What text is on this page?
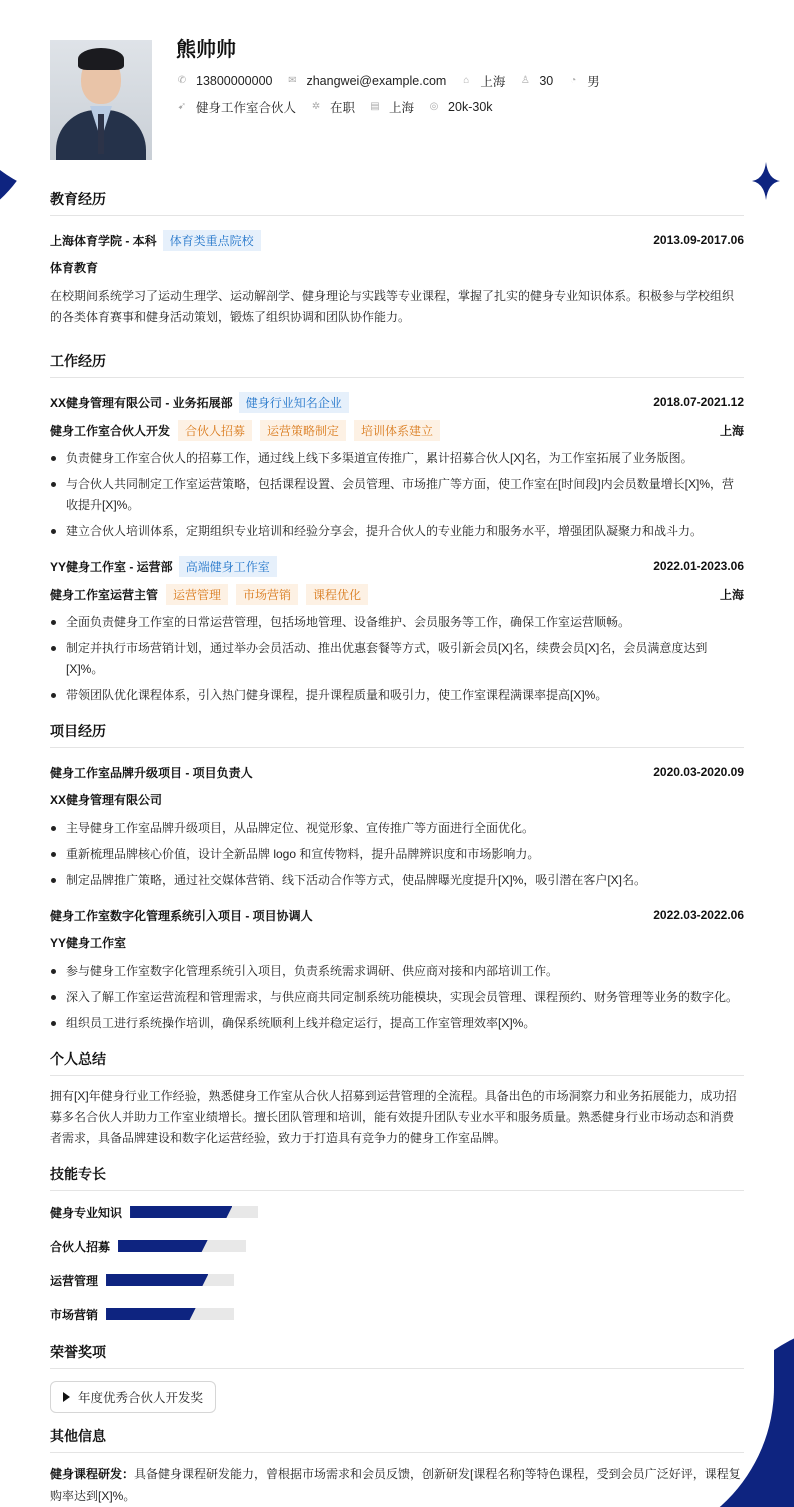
熊帅帅
✆ 13800000000 ✉ zhangwei@example.com ⌂ 上海 ♙ 30 ◔ 男
➹ 健身工作室合伙人 ✲ 在职 ▤ 上海 ◎ 20k-30k
教育经历
上海体育学院 - 本科	体育类重点院校	2013.09-2017.06
体育教育
在校期间系统学习了运动生理学、运动解剖学、健身理论与实践等专业课程，掌握了扎实的健身专业知识体系。积极参与学校组织的各类体育赛事和健身活动策划，锻炼了组织协调和团队协作能力。
工作经历
XX健身管理有限公司 - 业务拓展部	健身行业知名企业	2018.07-2021.12
健身工作室合伙人开发	合伙人招募	运营策略制定	培训体系建立	上海
负责健身工作室合伙人的招募工作，通过线上线下多渠道宣传推广，累计招募合伙人[X]名，为工作室拓展了业务版图。
与合伙人共同制定工作室运营策略，包括课程设置、会员管理、市场推广等方面，使工作室在[时间段]内会员数量增长[X]%，营收提升[X]%。
建立合伙人培训体系，定期组织专业培训和经验分享会，提升合伙人的专业能力和服务水平，增强团队凝聚力和战斗力。
YY健身工作室 - 运营部	高端健身工作室	2022.01-2023.06
健身工作室运营主管	运营管理	市场营销	课程优化	上海
全面负责健身工作室的日常运营管理，包括场地管理、设备维护、会员服务等工作，确保工作室运营顺畅。
制定并执行市场营销计划，通过举办会员活动、推出优惠套餐等方式，吸引新会员[X]名，续费会员[X]名，会员满意度达到[X]%。
带领团队优化课程体系，引入热门健身课程，提升课程质量和吸引力，使工作室课程满课率提高[X]%。
项目经历
健身工作室品牌升级项目 - 项目负责人	2020.03-2020.09
XX健身管理有限公司
主导健身工作室品牌升级项目，从品牌定位、视觉形象、宣传推广等方面进行全面优化。
重新梳理品牌核心价值，设计全新品牌 logo 和宣传物料，提升品牌辨识度和市场影响力。
制定品牌推广策略，通过社交媒体营销、线下活动合作等方式，使品牌曝光度提升[X]%，吸引潜在客户[X]名。
健身工作室数字化管理系统引入项目 - 项目协调人	2022.03-2022.06
YY健身工作室
参与健身工作室数字化管理系统引入项目，负责系统需求调研、供应商对接和内部培训工作。
深入了解工作室运营流程和管理需求，与供应商共同定制系统功能模块，实现会员管理、课程预约、财务管理等业务的数字化。
组织员工进行系统操作培训，确保系统顺利上线并稳定运行，提高工作室管理效率[X]%。
个人总结
拥有[X]年健身行业工作经验，熟悉健身工作室从合伙人招募到运营管理的全流程。具备出色的市场洞察力和业务拓展能力，成功招募多名合伙人并助力工作室业绩增长。擅长团队管理和培训，能有效提升团队专业水平和服务质量。熟悉健身行业市场动态和消费者需求，具备品牌建设和数字化运营经验，致力于打造具有竞争力的健身工作室品牌。
技能专长
健身专业知识
合伙人招募
运营管理
市场营销
荣誉奖项
年度优秀合伙人开发奖
其他信息
健身课程研发：具备健身课程研发能力，曾根据市场需求和会员反馈，创新研发[课程名称]等特色课程，受到会员广泛好评，课程复购率达到[X]%。
